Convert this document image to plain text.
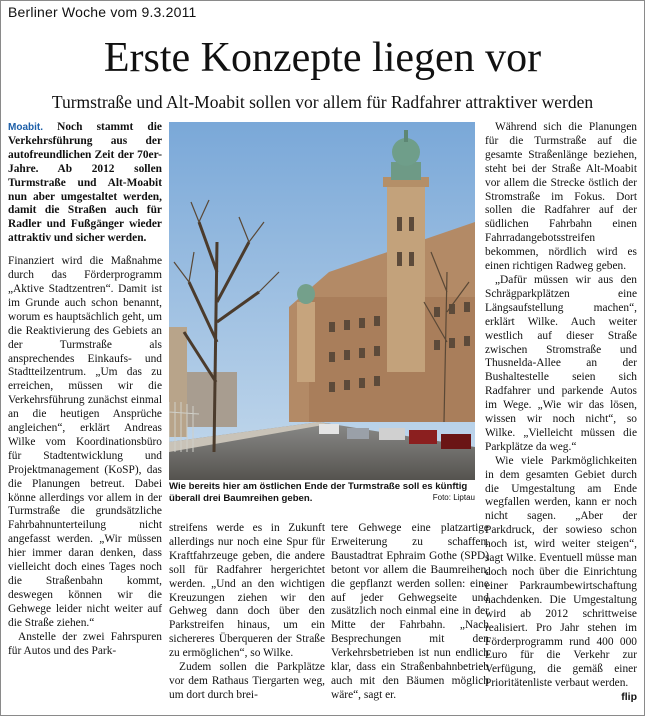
Berliner Woche vom 9.3.2011
Erste Konzepte liegen vor
Turmstraße und Alt-Moabit sollen vor allem für Radfahrer attraktiver werden

Moabit. Noch stammt die Verkehrsführung aus der autofreundlichen Zeit der 70er-Jahre. Ab 2012 sollen Turmstraße und Alt-Moabit nun aber umgestaltet werden, damit die Straßen auch für Radler und Fußgänger wieder attraktiv und sicher werden.

Finanziert wird die Maßnahme durch das Förderprogramm „Aktive Stadtzentren“. Damit ist im Grunde auch schon benannt, worum es hauptsächlich geht, um die Reaktivierung des Gebiets an der Turmstraße als ansprechendes Einkaufs- und Stadtteilzentrum. „Um das zu erreichen, müssen wir die Verkehrsführung zunächst einmal an die heutigen Ansprüche angleichen“, erklärt Andreas Wilke vom Koordinationsbüro für Stadtentwicklung und Projektmanagement (KoSP), das die Planungen betreut. Dabei könne allerdings vor allem in der Turmstraße die grundsätzliche Fahrbahnunterteilung nicht angefasst werden. „Wir müssen hier immer daran denken, dass vielleicht doch eines Tages noch die Straßenbahn kommt, deswegen können wir die Gehwege leider nicht weiter auf die Straße ziehen.“

Anstelle der zwei Fahrspuren für Autos und des Park-

Wie bereits hier am östlichen Ende der Turmstraße soll es künftig überall drei Baumreihen geben.	Foto: Liptau

streifens werde es in Zukunft allerdings nur noch eine Spur für Kraftfahrzeuge geben, die andere soll für Radfahrer hergerichtet werden. „Und an den wichtigen Kreuzungen ziehen wir den Gehweg dann doch über den Parkstreifen hinaus, um ein sichereres Überqueren der Straße zu ermöglichen“, so Wilke.

Zudem sollen die Parkplätze vor dem Rathaus Tiergarten weg, um dort durch brei-

tere Gehwege eine platzartige Erweiterung zu schaffen. Baustadtrat Ephraim Gothe (SPD) betont vor allem die Baumreihen, die gepflanzt werden sollen: eine auf jeder Gehwegseite und zusätzlich noch einmal eine in der Mitte der Fahrbahn. „Nach Besprechungen mit den Verkehrsbetrieben ist nun endlich klar, dass ein Straßenbahnbetrieb auch mit den Bäumen möglich wäre“, sagt er.

Während sich die Planungen für die Turmstraße auf die gesamte Straßenlänge beziehen, steht bei der Straße Alt-Moabit vor allem die Strecke östlich der Stromstraße im Fokus. Dort sollen die Radfahrer auf der südlichen Fahrbahn einen Fahrradangebotsstreifen bekommen, nördlich wird es einen richtigen Radweg geben.

„Dafür müssen wir aus den Schrägparkplätzen eine Längsaufstellung machen“, erklärt Wilke. Auch weiter westlich auf dieser Straße zwischen Stromstraße und Thusnelda-Allee an der Bushaltestelle seien sich Radfahrer und parkende Autos im Wege. „Wie wir das lösen, wissen wir noch nicht“, so Wilke. „Vielleicht müssen die Parkplätze da weg.“

Wie viele Parkmöglichkeiten in dem gesamten Gebiet durch die Umgestaltung am Ende wegfallen werden, kann er noch nicht sagen. „Aber der Parkdruck, der sowieso schon hoch ist, wird weiter steigen“, sagt Wilke. Eventuell müsse man doch noch über die Einrichtung einer Parkraumbewirtschaftung nachdenken. Die Umgestaltung wird ab 2012 schrittweise realisiert. Pro Jahr stehen im Förderprogramm rund 400 000 Euro für die Verkehr zur Verfügung, die gemäß einer Prioritätenliste verbaut werden.
flip
